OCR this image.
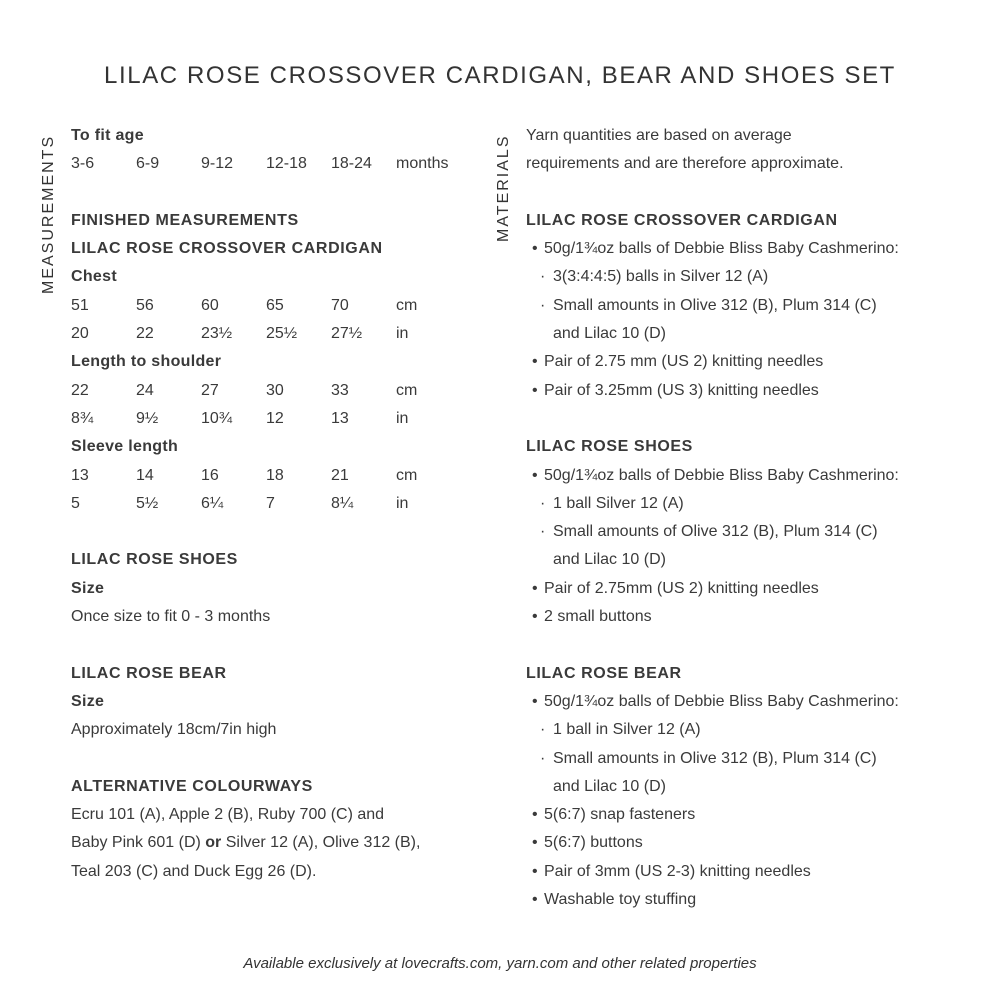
LILAC ROSE CROSSOVER CARDIGAN, BEAR AND SHOES SET
MEASUREMENTS	MATERIALS
To fit age
3-6	6-9	9-12	12-18	18-24	months
FINISHED MEASUREMENTS
LILAC ROSE CROSSOVER CARDIGAN
Chest
51	56	60	65	70	cm
20	22	23½	25½	27½	in
Length to shoulder
22	24	27	30	33	cm
8¾	9½	10¾	12	13	in
Sleeve length
13	14	16	18	21	cm
5	5½	6¼	7	8¼	in
LILAC ROSE SHOES
Size
Once size to fit 0 - 3 months
LILAC ROSE BEAR
Size
Approximately 18cm/7in high
ALTERNATIVE COLOURWAYS
Ecru 101 (A), Apple 2 (B), Ruby 700 (C) and
Baby Pink 601 (D) or Silver 12 (A), Olive 312 (B),
Teal 203 (C) and Duck Egg 26 (D).
Yarn quantities are based on average
requirements and are therefore approximate.
LILAC ROSE CROSSOVER CARDIGAN
• 50g/1¾oz balls of Debbie Bliss Baby Cashmerino:
· 3(3:4:4:5) balls in Silver 12 (A)
· Small amounts in Olive 312 (B), Plum 314 (C)
and Lilac 10 (D)
• Pair of 2.75 mm (US 2) knitting needles
• Pair of 3.25mm (US 3) knitting needles
LILAC ROSE SHOES
• 50g/1¾oz balls of Debbie Bliss Baby Cashmerino:
· 1 ball Silver 12 (A)
· Small amounts of Olive 312 (B), Plum 314 (C)
and Lilac 10 (D)
• Pair of 2.75mm (US 2) knitting needles
• 2 small buttons
LILAC ROSE BEAR
• 50g/1¾oz balls of Debbie Bliss Baby Cashmerino:
· 1 ball in Silver 12 (A)
· Small amounts in Olive 312 (B), Plum 314 (C)
and Lilac 10 (D)
• 5(6:7) snap fasteners
• 5(6:7) buttons
• Pair of 3mm (US 2-3) knitting needles
• Washable toy stuffing
Available exclusively at lovecrafts.com, yarn.com and other related properties
